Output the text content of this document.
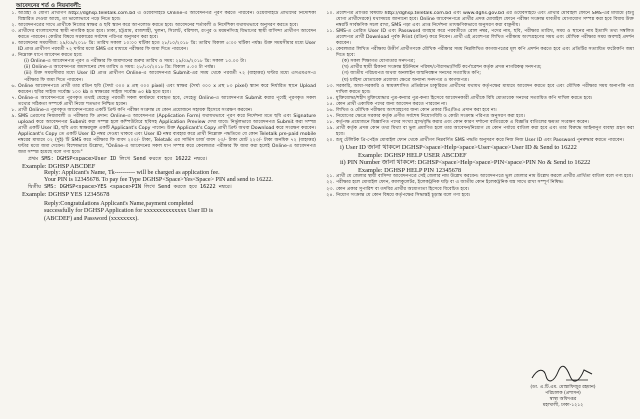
আবেদনের শর্ত ও নিয়মাবলী:
১. আগ্রহী ও যোগ্য প্রার্থীগণ http://dghsp.teletalk.com.bd এ ওয়েবসাইটে Online-এ আবেদনপত্র পূরণ করতে পারবেন। ওয়েবসাইটে প্রার্থীদের নির্দেশিকা বিস্তারিত দেওয়া আছে, তা ভালোভাবে পড়ে নিতে হবে।
২. আবেদনপত্রের সাথে প্রার্থীকে নিজের স্বাক্ষর ও ছবি স্ক্যান করে আপলোড করতে হবে। আবেদনের শর্তাবলী ও নির্দেশিকা যথাযথভাবে অনুসরণ করতে হবে।
৩. প্রার্থীদের বাংলাদেশের স্থায়ী নাগরিক হতে হবে। ঢাকা, চট্টগ্রাম, রাজশাহী, খুলনা, সিলেট, বরিশাল, রংপুর ও ময়মনসিংহ বিভাগের স্থায়ী বাসিন্দা প্রার্থীগণ আবেদন করতে পারবেন। কোটার বিষয়ে সরকারের সর্বশেষ পরিপত্র অনুসরণ করা হবে।
৪. আবেদনের সময়সীমা: ২৯/০৯/২০১৮ খ্রি: তারিখ সকাল ১০:০০ ঘটিকা হতে ২৮/১০/২০১৮ খ্রি: তারিখ বিকাল ৫:০০ ঘটিকা পর্যন্ত। উক্ত সময়সীমার মধ্যে User ID প্রাপ্ত প্রার্থীগণ পরবর্তী ৭২ ঘণ্টার মধ্যে SMS এর মাধ্যমে পরীক্ষার ফি জমা দিতে পারবেন।
৫. নিম্নোক্ত ধাপে আবেদন করতে হবে:
(i) Online-এ আবেদনপত্র পূরণ ও পরীক্ষার ফি জমাদানের শুরুর তারিখ ও সময়: ২৯/০৯/২০১৮ খ্রি: সকাল ১০.০০ টা।
(ii) Online-এ আবেদনপত্র জমাদানের শেষ তারিখ ও সময়: ২৮/১০/২০১৮ খ্রি: বিকাল ৫.০০ টা পর্যন্ত।
(iii) উক্ত সময়সীমার মধ্যে User ID প্রাপ্ত প্রার্থীগণ Online-এ আবেদনপত্র Submit-এর সময় থেকে পরবর্তী ৭২ (বাহাত্তর) ঘণ্টার মধ্যে এসএমএস-এ পরীক্ষার ফি জমা দিতে পারবেন।
৬. Online আবেদনপত্রে প্রার্থী তার রঙিন ছবি (দৈর্ঘ্য ৩০০ x প্রস্থ ৩০০ pixel) এবং স্বাক্ষর (দৈর্ঘ্য ৩০০ x প্রস্থ ৮০ pixel) স্ক্যান করে নির্ধারিত স্থানে Upload করবেন। ছবির সাইজ সর্বোচ্চ ১০০ kb ও স্বাক্ষরের সাইজ সর্বোচ্চ ৬০ kb হতে হবে।
৭. Online-এ আবেদনপত্রে পূরণকৃত তথ্যই যেহেতু পরবর্তী সকল কার্যক্রমে ব্যবহৃত হবে, সেহেতু Online-এ আবেদনপত্র Submit করার পূর্বেই পূরণকৃত সকল তথ্যের সঠিকতা সম্পর্কে প্রার্থী নিজে শতভাগ নিশ্চিত হবেন।
৮. প্রার্থী Online-এ পূরণকৃত আবেদনপত্রের একটি প্রিন্ট কপি পরীক্ষা সংক্রান্ত যে কোন প্রয়োজনে সহায়ক হিসেবে সংরক্ষণ করবেন।
৯. SMS প্রেরণের নিয়মাবলী ও পরীক্ষার ফি প্রদান: Online-এ আবেদনপত্র (Application Form) যথাযথভাবে পূরণ করে নির্দেশনা মতে ছবি এবং Signature upload করে আবেদনপত্র Submit করা সম্পন্ন হলে কম্পিউটারে ছবিসহ Application Preview দেখা যাবে। নির্ভুলভাবে আবেদনপত্র Submit করা সম্পন্ন প্রার্থী একটি User ID, ছবি এবং স্বাক্ষরযুক্ত একটি Applicant's Copy পাবেন। উক্ত Applicant's Copy প্রার্থী প্রিন্ট অথবা Download করে সংরক্ষণ করবেন। Applicant's Copy তে একটি User ID নম্বর দেওয়া থাকবে এবং User ID নম্বর ব্যবহার করে প্রার্থী নিম্নোক্ত পদ্ধতিতে যে কোন Teletalk pre-paid mobile নম্বরের মাধ্যমে ০২ (দুই) টি SMS করে পরীক্ষার ফি বাবদ ২০০/- টাকা, Teletalk এর সার্ভিস চার্জ বাবদ ২৩/- টাকা মোট ২২৩/- টাকা অনধিক ৭২ (বাহাত্তর) ঘণ্টার মধ্যে জমা দেবেন। বিশেষভাবে উল্লেখ্য, "Online-এ আবেদনের সকল ধাপ সম্পন্ন করে কেবলমাত্র পরীক্ষার ফি জমা করা হলেই Online-এ আবেদনপত্র জমা সম্পন্ন হয়েছে বলে গণ্য হবে।"
প্রথম SMS: DGHSP<space>User ID লিখে Send করতে হবে 16222 নম্বরে।
Example: DGHSP ABCDEF
Reply: Applicant's Name, Tk---------- will be charged as application fee.
Your PIN is 12345678. To pay fee Type DGHSP<Space>Yes<Space> PIN and send to 16222.
দ্বিতীয় SMS: DGHSP<space>YES <space>PIN লিখে Send করতে হবে 16222 নম্বরে।
Example: DGHSP YES 12345678
Reply:Congratulations Applicant's Name,payment completed
successfully for DGHSP Application for xxxxxxxxxxxxxx User ID is
(ABCDEF) and Password (xxxxxxxx).
১০. প্রবেশপত্র প্রাপ্তির বিষয়টি http://dghsp.teletalk.com.bd এবং www.dghs.gov.bd এর ওয়েবসাইটে এবং প্রার্থীর মোবাইল ফোনে SMS-এর মাধ্যমে (শুধু যোগ্য প্রার্থীদেরকে) যথাসময়ে জানানো হবে। Online আবেদনপত্রে প্রার্থীর প্রদত্ত মোবাইল ফোনে পরীক্ষা সংক্রান্ত যাবতীয় যোগাযোগ সম্পন্ন করা হবে বিধায় উক্ত নম্বরটি সার্বক্ষণিক সচল রাখা, SMS পড়া এবং প্রাপ্ত নির্দেশনা তাৎক্ষণিকভাবে অনুসরণ করা বাঞ্ছনীয়।
১১. SMS-এ প্রেরিত User ID এবং Password ব্যবহার করে পরবর্তীতে রোল নম্বর, পদের নাম, ছবি, পরীক্ষার তারিখ, সময় ও স্থানের নাম ইত্যাদি তথ্য সম্বলিত প্রবেশপত্র প্রার্থী Download পূর্বক Print (রঙিন) করে নিবেন। প্রার্থী এই প্রবেশপত্র লিখিত পরীক্ষায় অংশগ্রহণের সময় এবং মৌখিক পরীক্ষার সময় অবশ্যই প্রদর্শন করবেন।
১২. কেবলমাত্র লিখিত পরীক্ষায় উত্তীর্ণ প্রার্থীগণকে মৌখিক পরীক্ষার সময় নিম্নলিখিত কাগজপত্রের মূল কপি প্রদর্শন করতে হবে এবং প্রতিটির সত্যায়িত ফটোকপি জমা দিতে হবে:
(ক) সকল শিক্ষাগত যোগ্যতার সনদপত্র;
(খ) প্রার্থীর স্থায়ী ঠিকানা সংক্রান্ত ইউনিয়ন পরিষদ/পৌরসভা/সিটি কর্পোরেশন কর্তৃক প্রদত্ত নাগরিকত্ব সনদপত্র;
(গ) জাতীয় পরিচয়পত্র অথবা অনলাইন জন্মনিবন্ধন সনদের সত্যায়িত কপি;
(ঘ) চাহিদা মোতাবেক প্রযোজ্য ক্ষেত্রে অন্যান্য সনদপত্র ও কাগজপত্র।
১৩. সরকারি, আধা-সরকারি ও স্বায়ত্তশাসিত প্রতিষ্ঠানে চাকুরিরত প্রার্থীদের যথাযথ কর্তৃপক্ষের মাধ্যমে আবেদন করতে হবে এবং মৌখিক পরীক্ষার সময় অনাপত্তি পত্র দাখিল করতে হবে।
১৪. মুক্তিযোদ্ধা/শহীদ মুক্তিযোদ্ধার পুত্র-কন্যার পুত্র-কন্যা হিসেবে আবেদনকারী প্রার্থীকে বিধি মোতাবেক সনদের সত্যায়িত কপি দাখিল করতে হবে।
১৫. কোন প্রার্থী একাধিক পদের জন্য আবেদন করতে পারবেন না।
১৬. লিখিত ও মৌখিক পরীক্ষায় অংশগ্রহণের জন্য কোন প্রকার টিএ/ডিএ প্রদান করা হবে না।
১৭. নিয়োগের ক্ষেত্রে সরকার কর্তৃক প্রণীত সর্বশেষ নিয়োগবিধি ও কোটা সংক্রান্ত পরিপত্র অনুসরণ করা হবে।
১৮. কর্তৃপক্ষ প্রয়োজনে বিজ্ঞাপিত পদের সংখ্যা হ্রাস/বৃদ্ধি করার এবং কোন কারণ দর্শানো ব্যতিরেকে এ বিজ্ঞপ্তি বাতিলের ক্ষমতা সংরক্ষণ করেন।
১৯. প্রার্থী কর্তৃক প্রদত্ত কোন তথ্য মিথ্যা বা ভুল প্রমাণিত হলে তার আবেদন/নিয়োগ যে কোন পর্যায়ে বাতিল করা হবে এবং তার বিরুদ্ধে আইনানুগ ব্যবস্থা গ্রহণ করা হবে।
২০. শুধু টেলিটক প্রি-পেইড মোবাইল ফোন থেকে প্রার্থীগণ নিম্নবর্ণিত SMS পদ্ধতি অনুসরণ করে নিজ নিজ User ID এবং Password পুনরুদ্ধার করতে পারবেন।
i) User ID জানা থাকলে DGHSP<space>Help<space>User<space>User ID & Send to 16222
Example: DGHSP HELP USER ABCDEF
ii) PIN Number জানা থাকলে: DGHSP<space>Help<space>PIN<space>PIN No & Send to 16222
Example: DGHSP HELP PIN 12345678
২১. প্রার্থী যে জেলার স্থায়ী বাসিন্দা আবেদনপত্রে সেই জেলার নাম উল্লেখ করবেন। আবেদনপত্রে ভুল জেলার নাম উল্লেখ করলে প্রার্থীর প্রার্থিতা বাতিল বলে গণ্য হবে।
২২. পরীক্ষার হলে মোবাইল ফোন, ক্যালকুলেটর, ইলেকট্রনিক ঘড়ি বা এ জাতীয় কোন ইলেকট্রনিক যন্ত্র সাথে রাখা সম্পূর্ণ নিষিদ্ধ।
২৩. কোন প্রকার সুপারিশ বা তদবির প্রার্থীর অযোগ্যতা হিসেবে বিবেচিত হবে।
২৪. নিয়োগ সংক্রান্ত যে কোন বিষয়ে কর্তৃপক্ষের সিদ্ধান্তই চূড়ান্ত বলে গণ্য হবে।
(ডা. এ.টি.এম. মোস্তাফিজুর রহমান)
পরিচালক (প্রশাসন)
স্বাস্থ্য অধিদপ্তর
মহাখালী, ঢাকা-১২১২
